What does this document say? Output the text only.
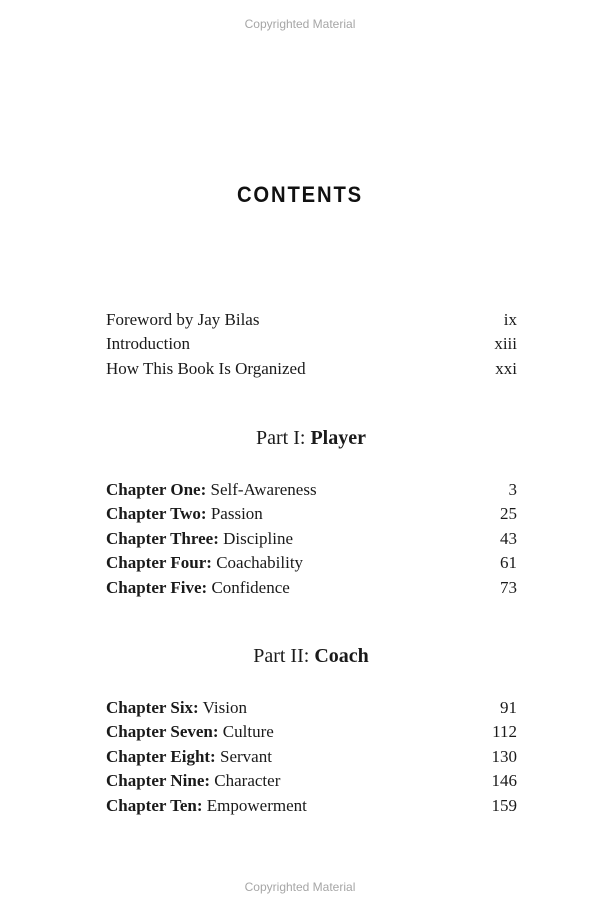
Copyrighted Material
CONTENTS
Foreword by Jay Bilas	ix
Introduction	xiii
How This Book Is Organized	xxi
Part I: Player
Chapter One: Self-Awareness	3
Chapter Two: Passion	25
Chapter Three: Discipline	43
Chapter Four: Coachability	61
Chapter Five: Confidence	73
Part II: Coach
Chapter Six: Vision	91
Chapter Seven: Culture	112
Chapter Eight: Servant	130
Chapter Nine: Character	146
Chapter Ten: Empowerment	159
Copyrighted Material
